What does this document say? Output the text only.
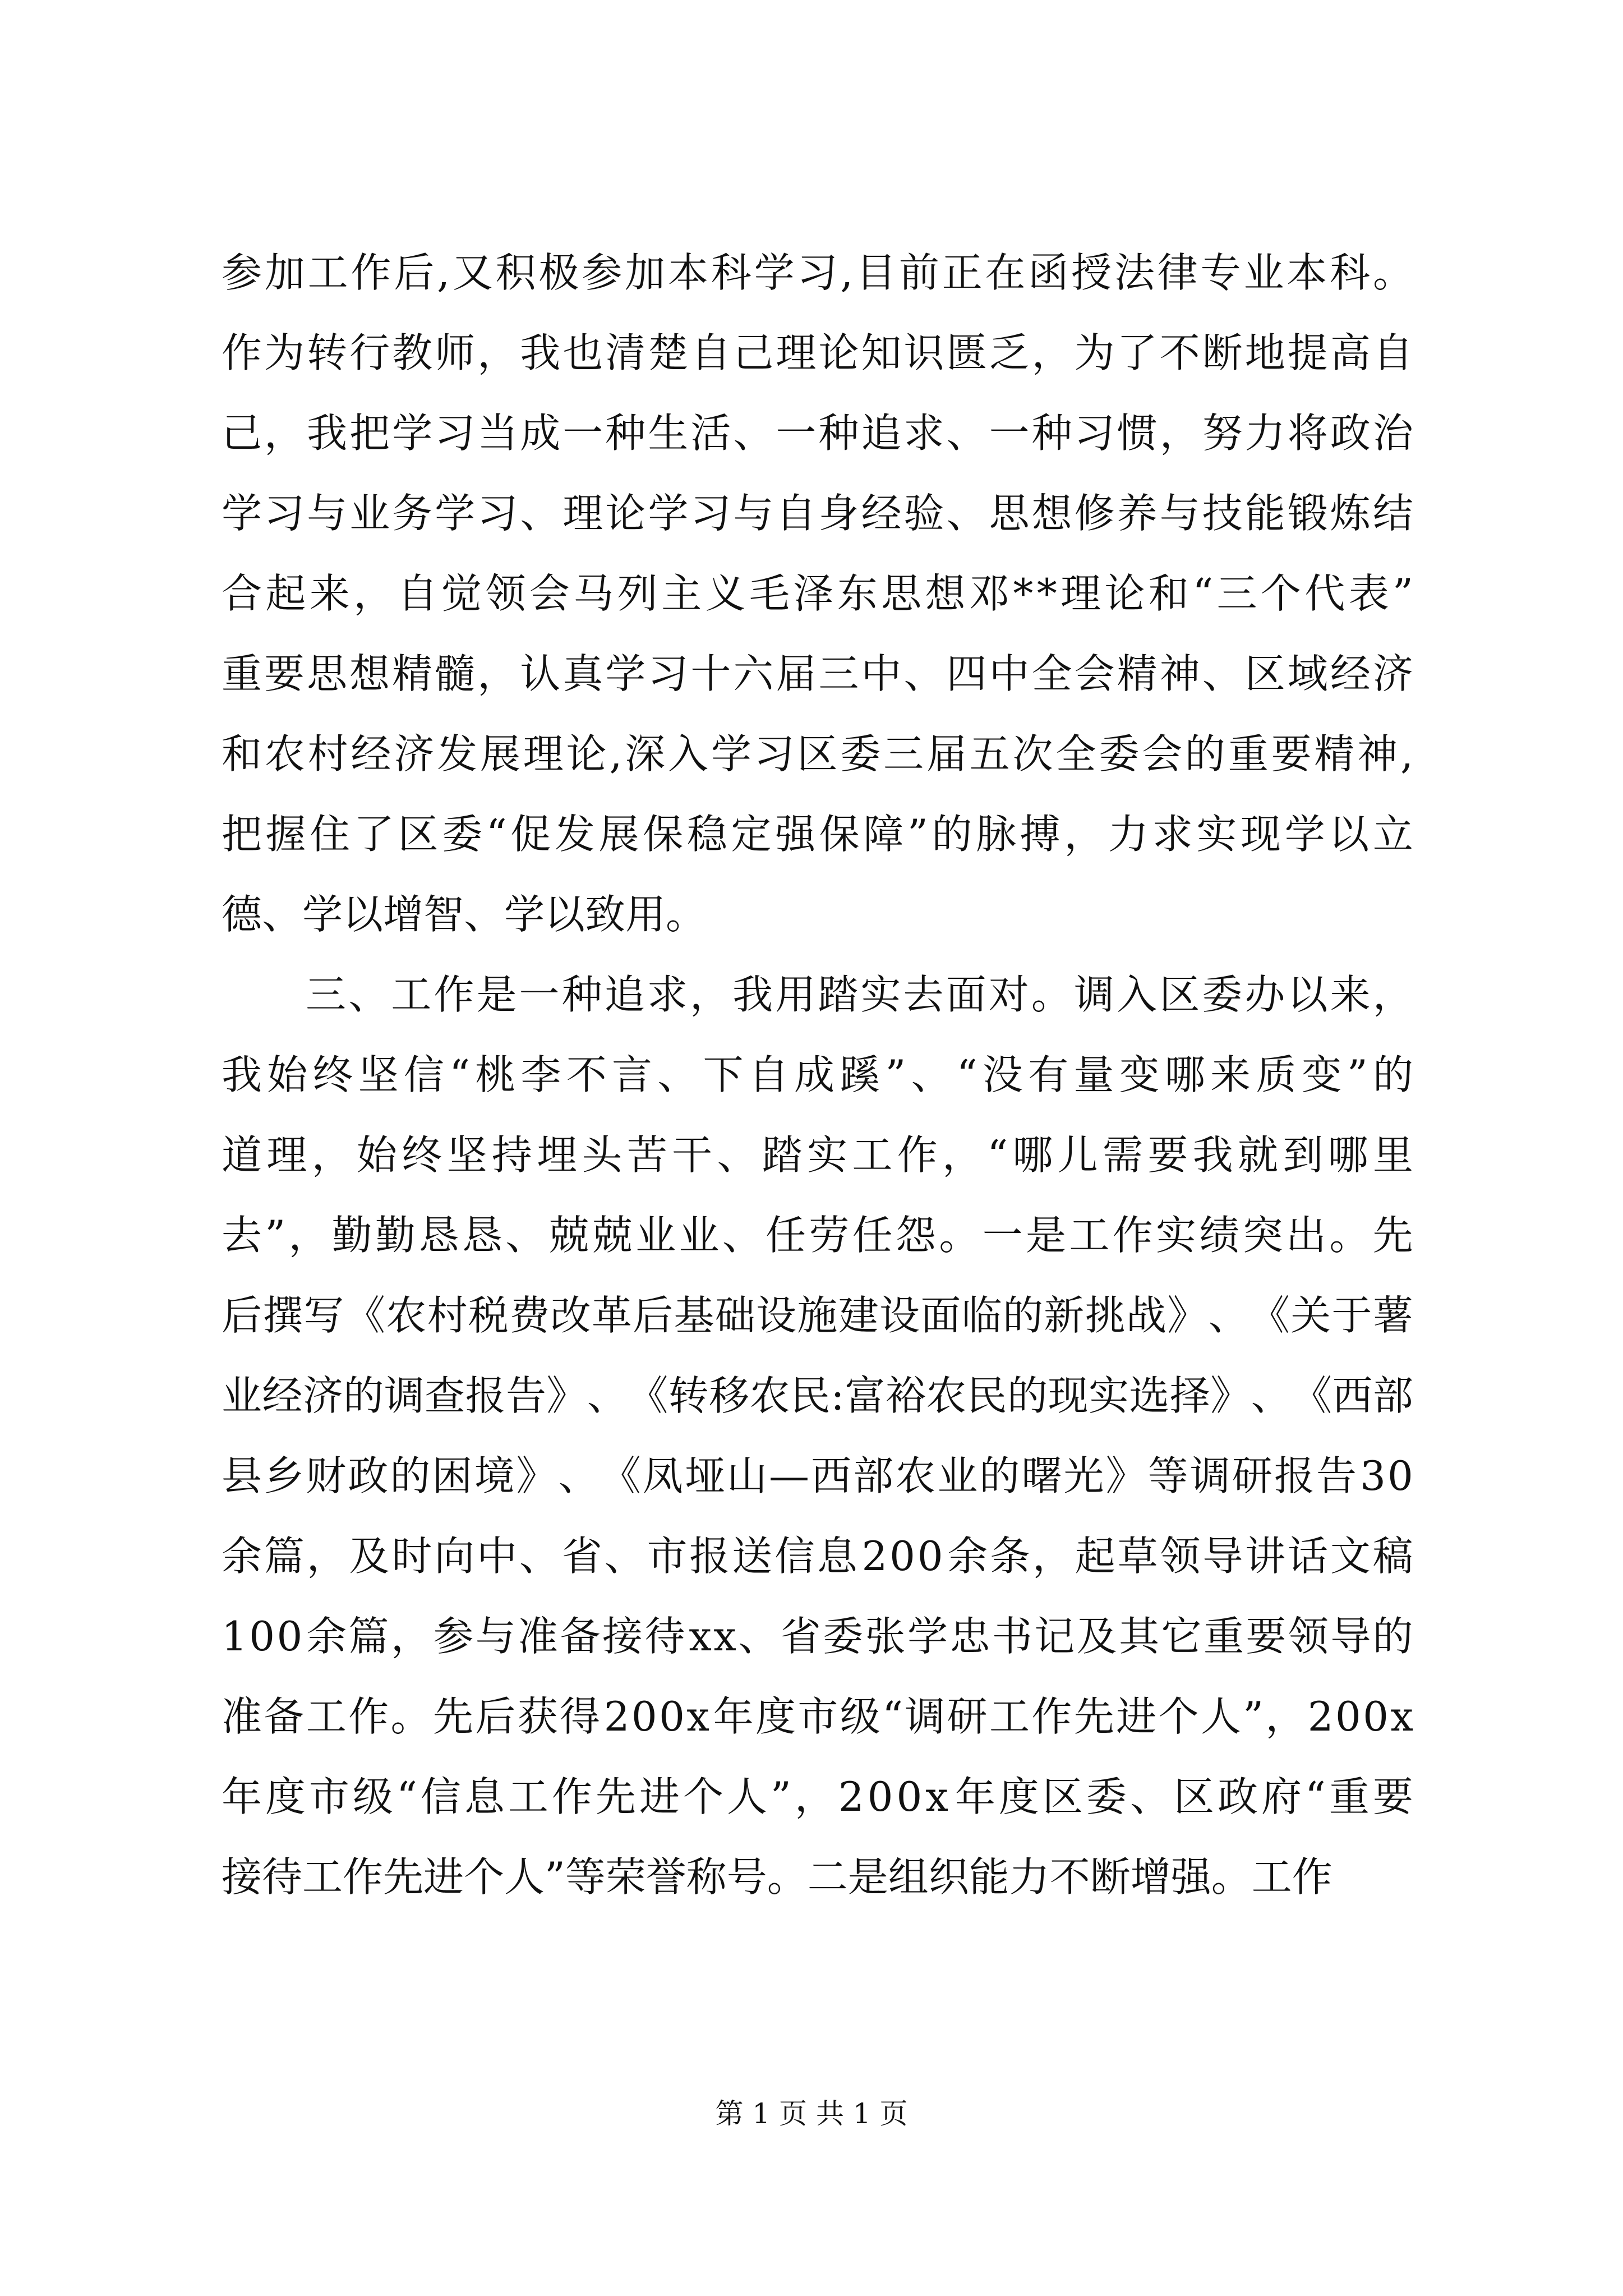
参 加 工 作 后 , 又 积 极 参 加 本 科 学 习 , 目 前 正 在 函 授 法 律 专 业 本 科 。
作 为 转 行 教 师 ， 我 也 清 楚 自 己 理 论 知 识 匮 乏 ， 为 了 不 断 地 提 高 自
己 ， 我 把 学 习 当 成 一 种 生 活 、 一 种 追 求 、 一 种 习 惯 ， 努 力 将 政 治
学 习 与 业 务 学 习 、 理 论 学 习 与 自 身 经 验 、 思 想 修 养 与 技 能 锻 炼 结
合 起 来 ， 自 觉 领 会 马 列 主 义 毛 泽 东 思 想 邓 * * 理 论 和 “ 三 个 代 表 ”
重 要 思 想 精 髓 ， 认 真 学 习 十 六 届 三 中 、 四 中 全 会 精 神 、 区 域 经 济
和 农 村 经 济 发 展 理 论 , 深 入 学 习 区 委 三 届 五 次 全 委 会 的 重 要 精 神 ,
把 握 住 了 区 委 “ 促 发 展 保 稳 定 强 保 障 ” 的 脉 搏 ， 力 求 实 现 学 以 立
德、学以增智、学以致用。
三 、 工 作 是 一 种 追 求 ， 我 用 踏 实 去 面 对 。 调 入 区 委 办 以 来 ，
我 始 终 坚 信 “ 桃 李 不 言 、 下 自 成 蹊 ” 、 “ 没 有 量 变 哪 来 质 变 ” 的
道 理 ， 始 终 坚 持 埋 头 苦 干 、 踏 实 工 作 ， “ 哪 儿 需 要 我 就 到 哪 里
去 ” ， 勤 勤 恳 恳 、 兢 兢 业 业 、 任 劳 任 怨 。 一 是 工 作 实 绩 突 出 。 先
后 撰 写 《 农 村 税 费 改 革 后 基 础 设 施 建 设 面 临 的 新 挑 战 》 、 《 关 于 薯
业 经 济 的 调 查 报 告 》 、 《 转 移 农 民 : 富 裕 农 民 的 现 实 选 择 》 、 《 西 部
县 乡 财 政 的 困 境 》 、 《 凤 垭 山 — 西 部 农 业 的 曙 光 》 等 调 研 报 告 3 0
余 篇 ， 及 时 向 中 、 省 、 市 报 送 信 息 2 0 0 余 条 ， 起 草 领 导 讲 话 文 稿
1 0 0 余 篇 ， 参 与 准 备 接 待 x x 、 省 委 张 学 忠 书 记 及 其 它 重 要 领 导 的
准 备 工 作 。 先 后 获 得 2 0 0 x 年 度 市 级 “ 调 研 工 作 先 进 个 人 ” ， 2 0 0 x
年 度 市 级 “ 信 息 工 作 先 进 个 人 ” ， 2 0 0 x 年 度 区 委 、 区 政 府 “ 重 要
接待工作先进个人”等荣誉称号。二是组织能力不断增强。工作
第 1 页 共 1 页
